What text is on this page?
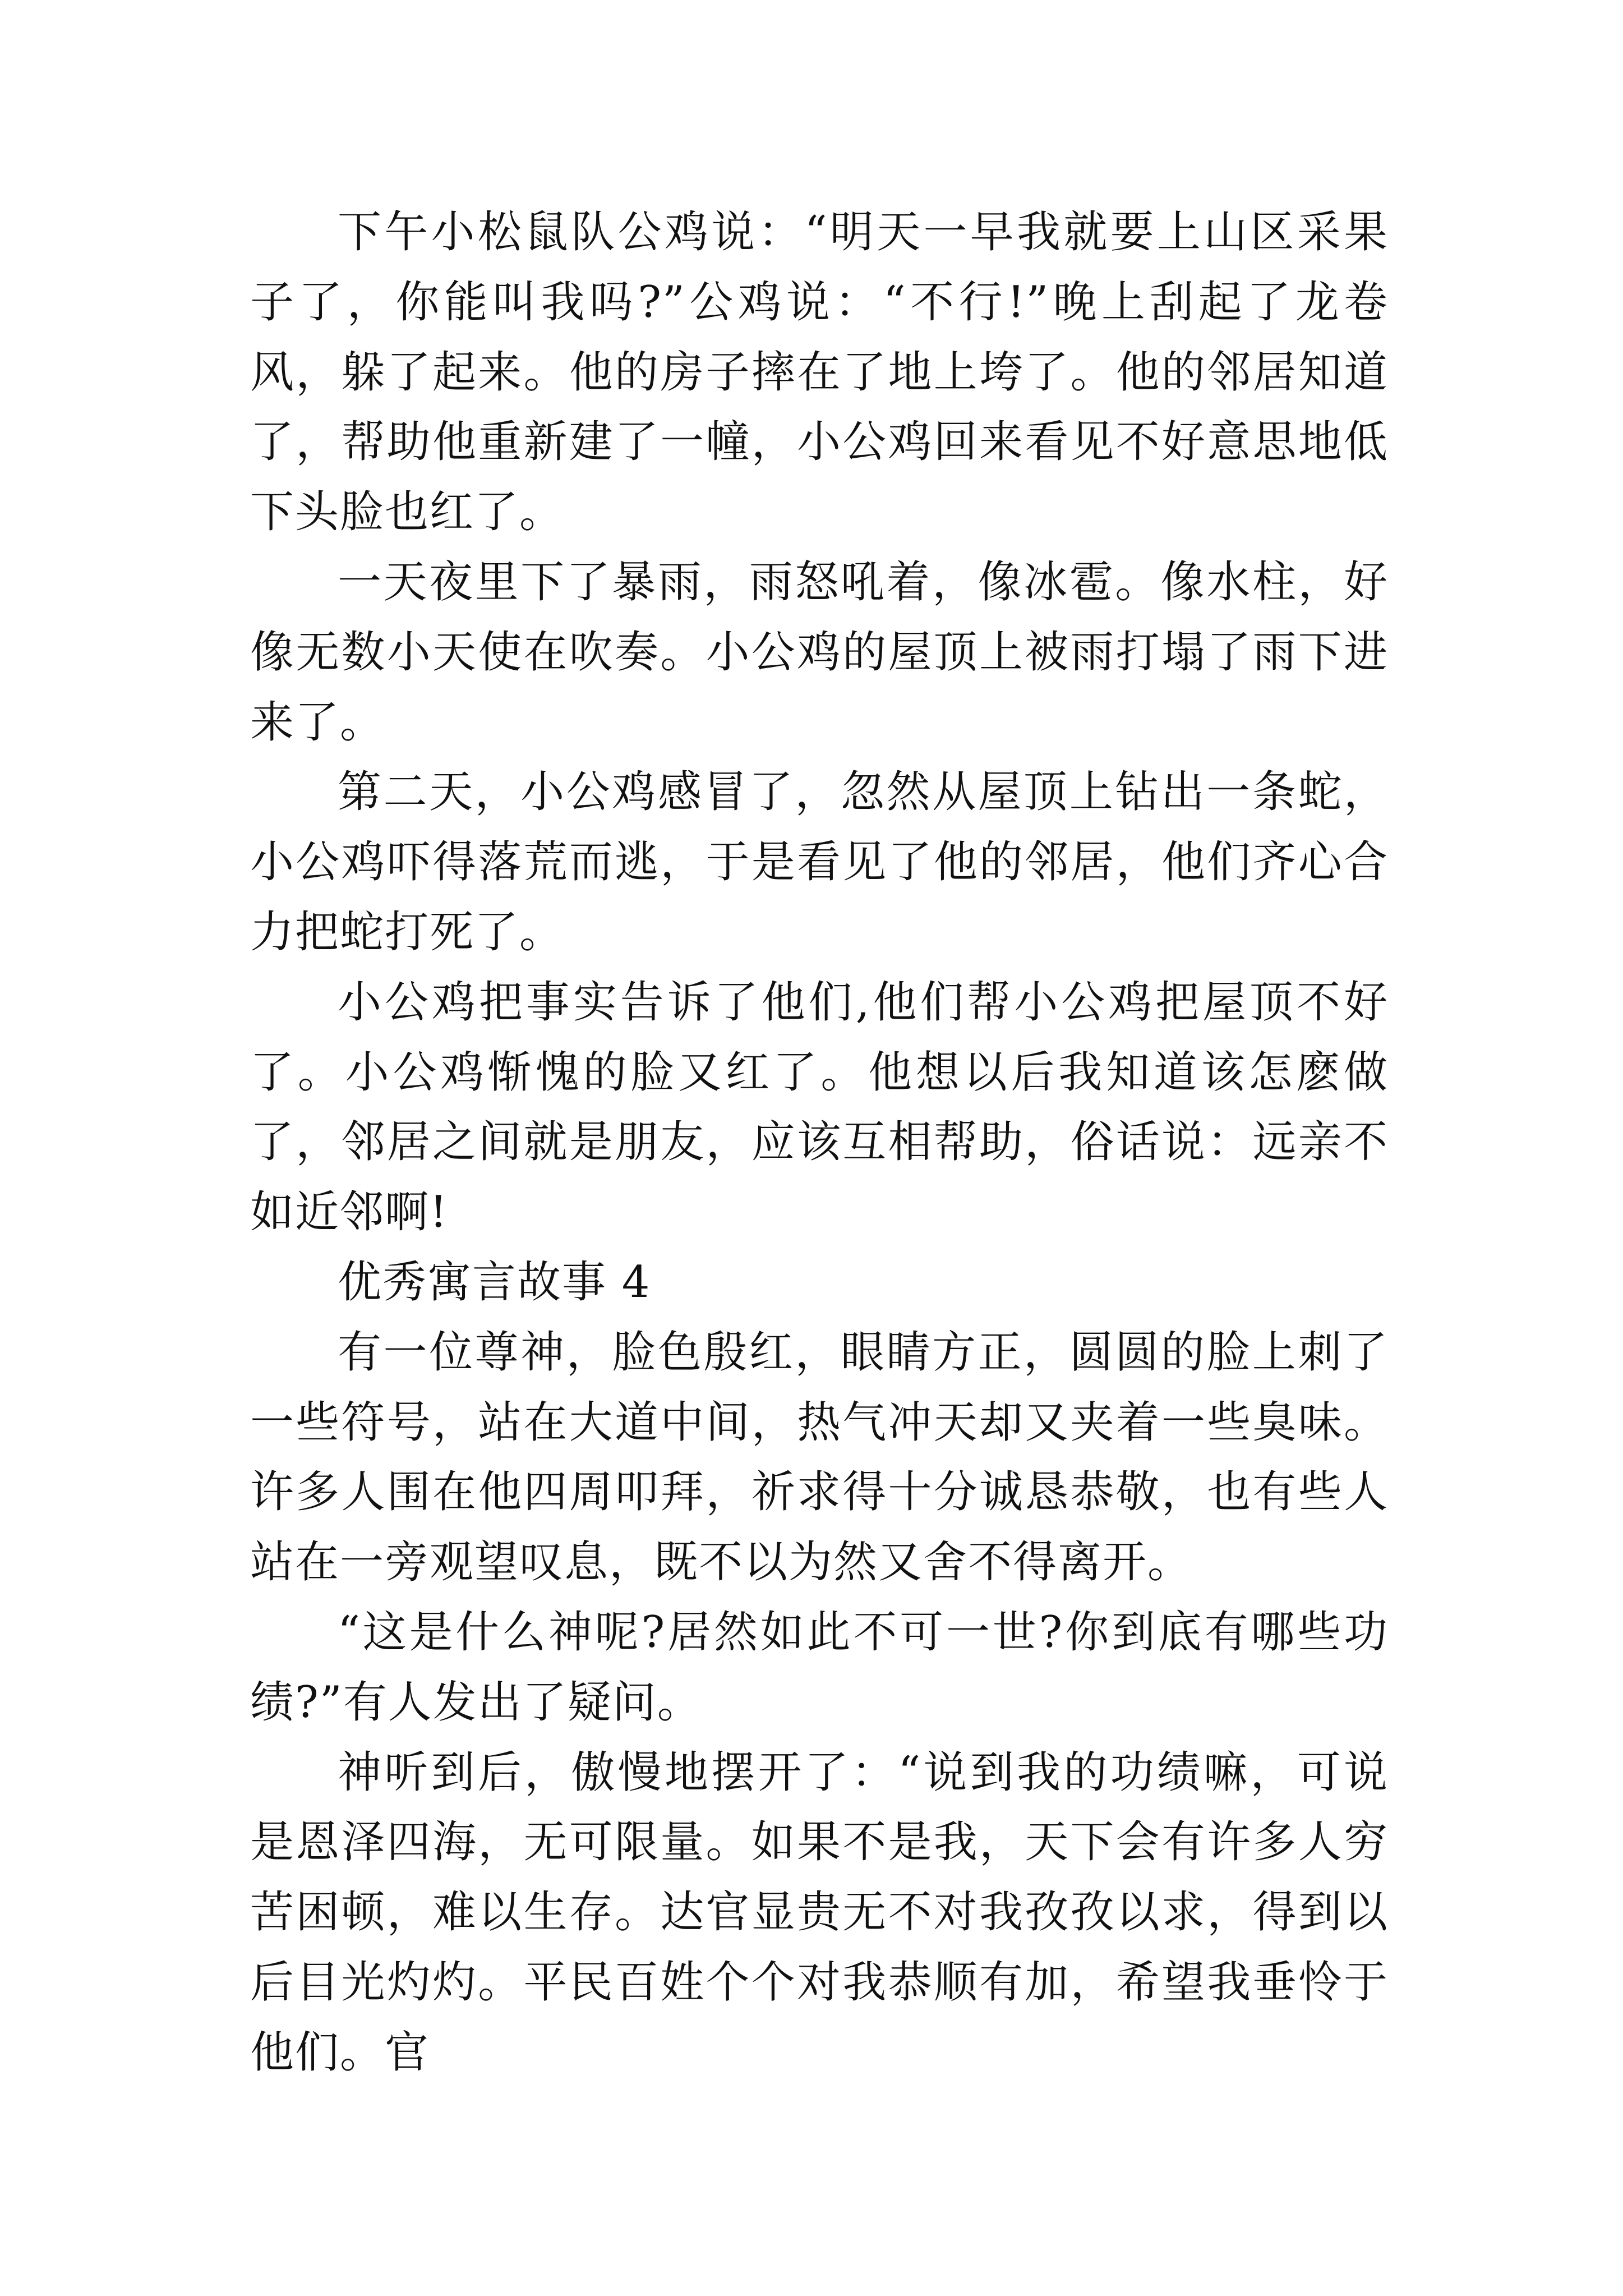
下午小松鼠队公鸡说：“明天一早我就要上山区采果子了，你能叫我吗?”公鸡说：“不行!”晚上刮起了龙卷风，躲了起来。他的房子摔在了地上垮了。他的邻居知道了，帮助他重新建了一幢，小公鸡回来看见不好意思地低下头脸也红了。

一天夜里下了暴雨，雨怒吼着，像冰雹。像水柱，好像无数小天使在吹奏。小公鸡的屋顶上被雨打塌了雨下进来了。

第二天，小公鸡感冒了，忽然从屋顶上钻出一条蛇，小公鸡吓得落荒而逃，于是看见了他的邻居，他们齐心合力把蛇打死了。

小公鸡把事实告诉了他们,他们帮小公鸡把屋顶不好了。小公鸡惭愧的脸又红了。他想以后我知道该怎麽做了，邻居之间就是朋友，应该互相帮助，俗话说：远亲不如近邻啊!

优秀寓言故事 4

有一位尊神，脸色殷红，眼睛方正，圆圆的脸上刺了一些符号，站在大道中间，热气冲天却又夹着一些臭味。许多人围在他四周叩拜，祈求得十分诚恳恭敬，也有些人站在一旁观望叹息，既不以为然又舍不得离开。

“这是什么神呢?居然如此不可一世?你到底有哪些功绩?”有人发出了疑问。

神听到后，傲慢地摆开了：“说到我的功绩嘛，可说是恩泽四海，无可限量。如果不是我，天下会有许多人穷苦困顿，难以生存。达官显贵无不对我孜孜以求，得到以后目光灼灼。平民百姓个个对我恭顺有加，希望我垂怜于他们。官
